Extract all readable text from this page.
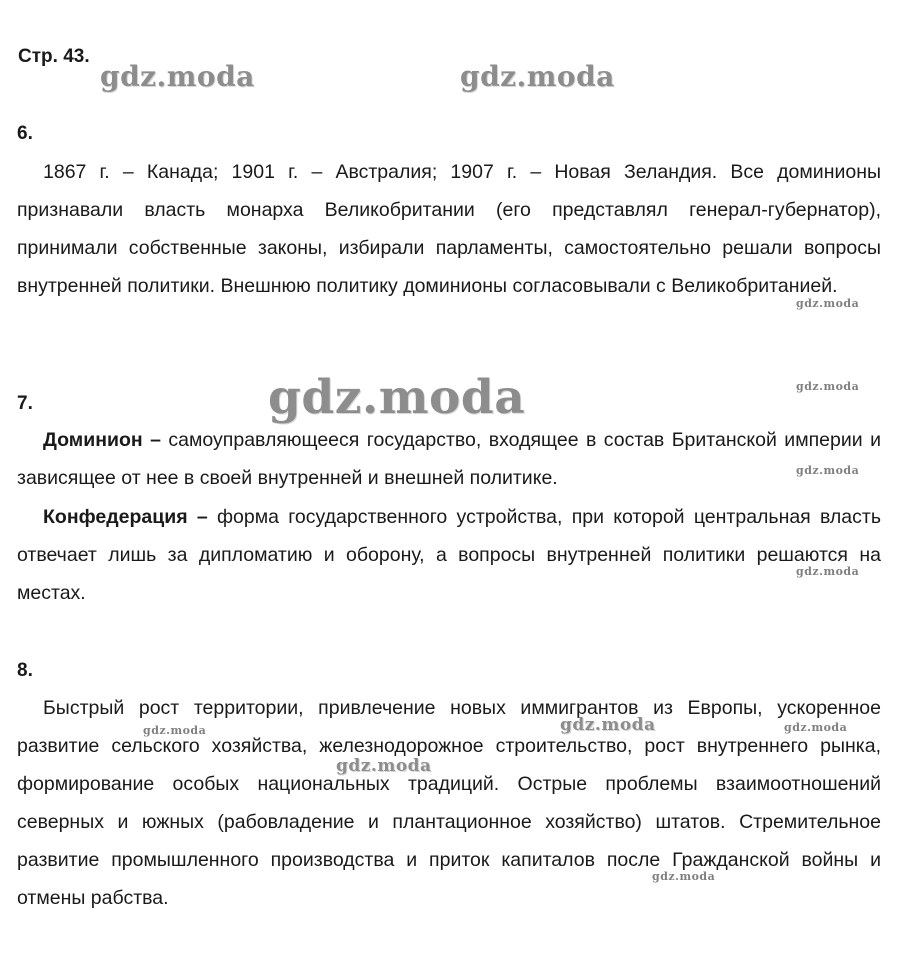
Стр. 43.
6.
1867 г. – Канада; 1901 г. – Австралия; 1907 г. – Новая Зеландия. Все доминионы признавали власть монарха Великобритании (его представлял генерал-губернатор), принимали собственные законы, избирали парламенты, самостоятельно решали вопросы внутренней политики. Внешнюю политику доминионы согласовывали с Великобританией.
7.
Доминион – самоуправляющееся государство, входящее в состав Британской империи и зависящее от нее в своей внутренней и внешней политике.
Конфедерация – форма государственного устройства, при которой центральная власть отвечает лишь за дипломатию и оборону, а вопросы внутренней политики решаются на местах.
8.
Быстрый рост территории, привлечение новых иммигрантов из Европы, ускоренное развитие сельского хозяйства, железнодорожное строительство, рост внутреннего рынка, формирование особых национальных традиций. Острые проблемы взаимоотношений северных и южных (рабовладение и плантационное хозяйство) штатов. Стремительное развитие промышленного производства и приток капиталов после Гражданской войны и отмены рабства.
gdz.moda	gdz.moda
gdz.moda
gdz.moda
gdz.moda
gdz.moda
gdz.moda
gdz.moda	gdz.moda	gdz.moda
gdz.moda
gdz.moda
